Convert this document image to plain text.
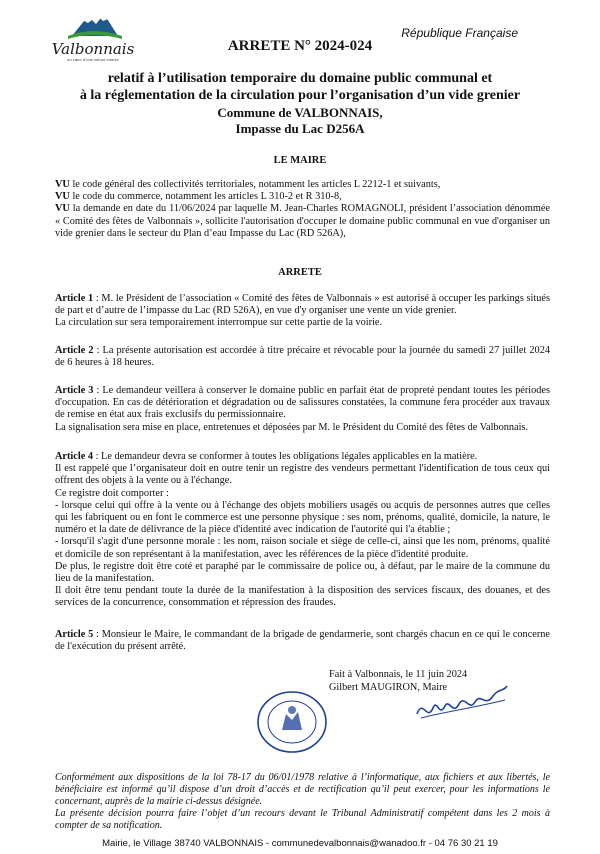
Valbonnais
au cœur d'une nature intacte
République Française
ARRETE N° 2024-024
relatif à l’utilisation temporaire du domaine public communal et
à la réglementation de la circulation pour l’organisation d’un vide grenier
Commune de VALBONNAIS,
Impasse du Lac D256A
LE MAIRE
VU le code général des collectivités territoriales, notamment les articles L 2212-1 et suivants,
VU le code du commerce, notamment les articles L 310-2 et R 310-8,
VU la demande en date du 11/06/2024 par laquelle M. Jean-Charles ROMAGNOLI, président l’association dénommée « Comité des fêtes de Valbonnais », sollicite l'autorisation d'occuper le domaine public communal en vue d'organiser un vide grenier dans le secteur du Plan d’eau Impasse du Lac (RD 526A),
ARRETE
Article 1 : M. le Président de l’association « Comité des fêtes de Valbonnais » est autorisé à occuper les parkings situés de part et d’autre de l’impasse du Lac (RD 526A), en vue d'y organiser une vente un vide grenier.
La circulation sur sera temporairement interrompue sur cette partie de la voirie.
Article 2 : La présente autorisation est accordée à titre précaire et révocable pour la journée du samedi 27 juillet 2024 de 6 heures à 18 heures.
Article 3 : Le demandeur veillera à conserver le domaine public en parfait état de propreté pendant toutes les périodes d'occupation. En cas de détérioration et dégradation ou de salissures constatées, la commune fera procéder aux travaux de remise en état aux frais exclusifs du permissionnaire.
La signalisation sera mise en place, entretenues et déposées par M. le Président du Comité des fêtes de Valbonnais.
Article 4 : Le demandeur devra se conformer à toutes les obligations légales applicables en la matière.
Il est rappelé que l’organisateur doit en outre tenir un registre des vendeurs permettant l'identification de tous ceux qui offrent des objets à la vente ou à l'échange.
Ce registre doit comporter :
- lorsque celui qui offre à la vente ou à l'échange des objets mobiliers usagés ou acquis de personnes autres que celles qui les fabriquent ou en font le commerce est une personne physique : ses nom, prénoms, qualité, domicile, la nature, le numéro et la date de délivrance de la pièce d'identité avec indication de l'autorité qui l'a établie ;
- lorsqu'il s'agit d'une personne morale : les nom, raison sociale et siège de celle-ci, ainsi que les nom, prénoms, qualité et domicile de son représentant à la manifestation, avec les références de la pièce d'identité produite.
De plus, le registre doit être coté et paraphé par le commissaire de police ou, à défaut, par le maire de la commune du lieu de la manifestation.
Il doit être tenu pendant toute la durée de la manifestation à la disposition des services fiscaux, des douanes, et des services de la concurrence, consommation et répression des fraudes.
Article 5 : Monsieur le Maire, le commandant de la brigade de gendarmerie, sont chargés chacun en ce qui le concerne de l'exécution du présent arrêté.
Fait à Valbonnais, le 11 juin 2024
Gilbert MAUGIRON, Maire
Conformément aux dispositions de la loi 78-17 du 06/01/1978 relative à l’informatique, aux fichiers et aux libertés, le bénéficiaire est informé qu’il dispose d’un droit d’accès et de rectification qu’il peut exercer, pour les informations le concernant, auprès de la mairie ci-dessus désignée.
La présente décision pourra faire l’objet d’un recours devant le Tribunal Administratif compétent dans les 2 mois à compter de sa notification.
Mairie, le Village 38740 VALBONNAIS - communedevalbonnais@wanadoo.fr - 04 76 30 21 19
